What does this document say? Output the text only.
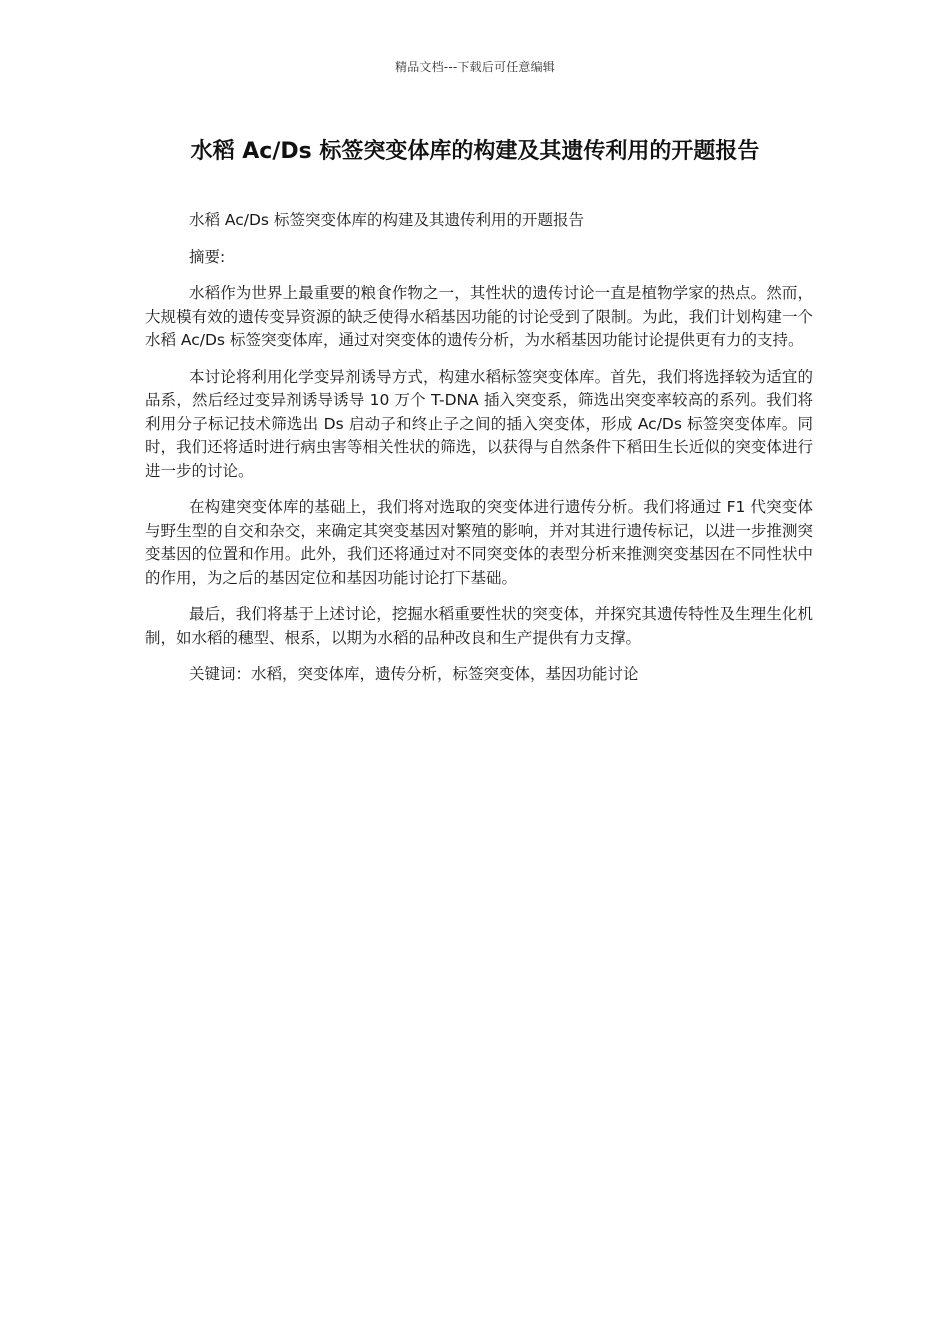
精品文档---下载后可任意编辑
水稻 Ac/Ds 标签突变体库的构建及其遗传利用的开题报告

水稻 Ac/Ds 标签突变体库的构建及其遗传利用的开题报告

摘要:

水稻作为世界上最重要的粮食作物之一，其性状的遗传讨论一直是植物学家的热点。然而，大规模有效的遗传变异资源的缺乏使得水稻基因功能的讨论受到了限制。为此，我们计划构建一个水稻 Ac/Ds 标签突变体库，通过对突变体的遗传分析，为水稻基因功能讨论提供更有力的支持。

本讨论将利用化学变异剂诱导方式，构建水稻标签突变体库。首先，我们将选择较为适宜的品系，然后经过变异剂诱导诱导 10 万个 T-DNA 插入突变系，筛选出突变率较高的系列。我们将利用分子标记技术筛选出 Ds 启动子和终止子之间的插入突变体，形成 Ac/Ds 标签突变体库。同时，我们还将适时进行病虫害等相关性状的筛选，以获得与自然条件下稻田生长近似的突变体进行进一步的讨论。

在构建突变体库的基础上，我们将对选取的突变体进行遗传分析。我们将通过 F1 代突变体与野生型的自交和杂交，来确定其突变基因对繁殖的影响，并对其进行遗传标记，以进一步推测突变基因的位置和作用。此外，我们还将通过对不同突变体的表型分析来推测突变基因在不同性状中的作用，为之后的基因定位和基因功能讨论打下基础。

最后，我们将基于上述讨论，挖掘水稻重要性状的突变体，并探究其遗传特性及生理生化机制，如水稻的穗型、根系，以期为水稻的品种改良和生产提供有力支撑。

关键词：水稻，突变体库，遗传分析，标签突变体，基因功能讨论
